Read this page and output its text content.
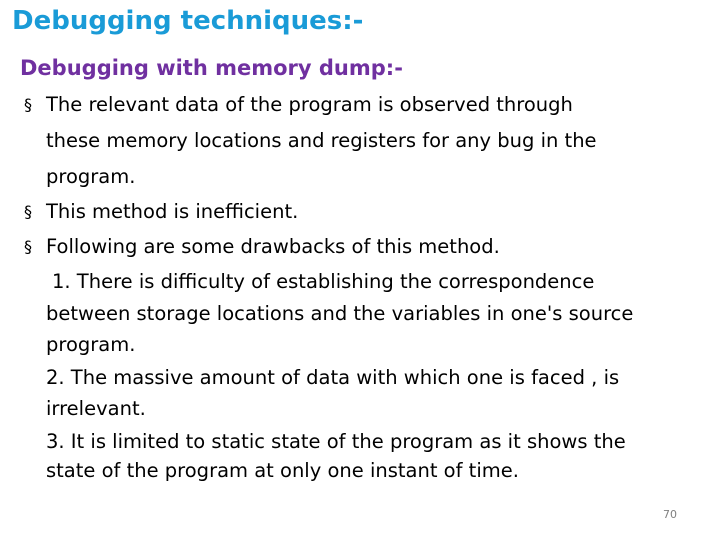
Debugging techniques:-
Debugging with memory dump:-
§ The relevant data of the program is observed through
these memory locations and registers for any bug in the
program.
§ This method is inefficient.
§ Following are some drawbacks of this method.
1. There is difficulty of establishing the correspondence
between storage locations and the variables in one's source
program.
2. The massive amount of data with which one is faced , is
irrelevant.
3. It is limited to static state of the program as it shows the
state of the program at only one instant of time.
70
